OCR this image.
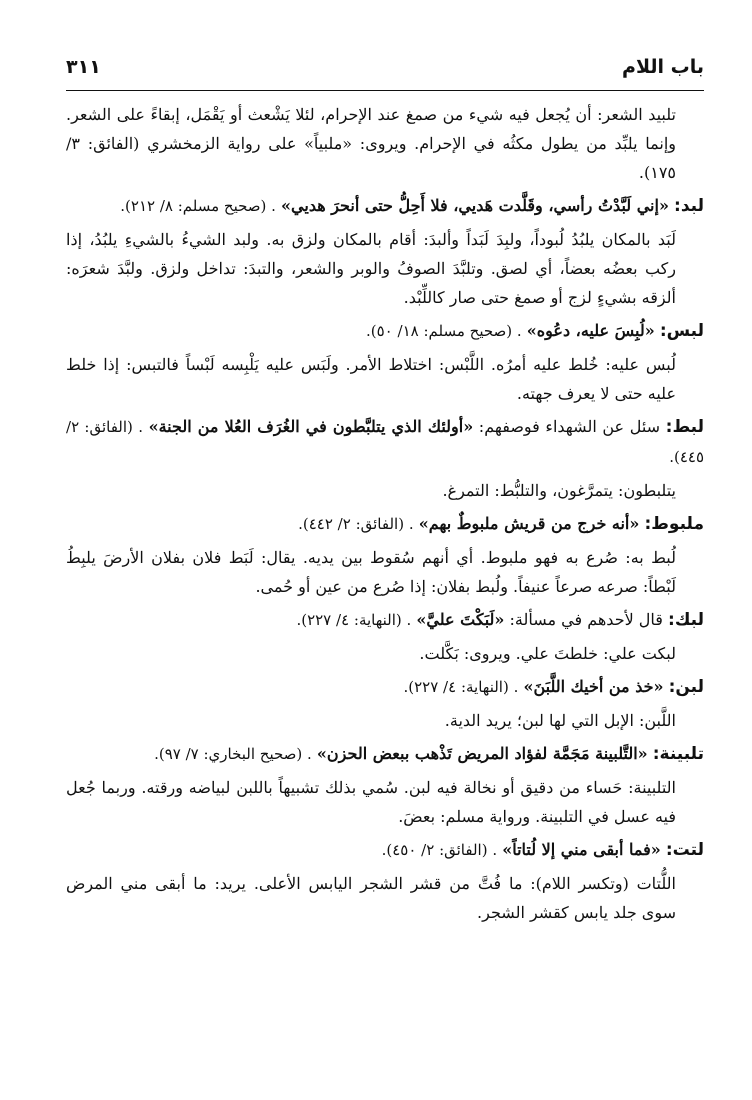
باب اللام
٣١١

تلبيد الشعر: أن يُجعل فيه شيء من صمغ عند الإحرام، لئلا يَشْعث أو يَقْمَل، إبقاءً على الشعر. وإنما يلبِّد من يطول مكثُه في الإحرام. ويروى: «ملبياً» على رواية الزمخشري (الفائق: ٣/ ١٧٥).

لبد: «إني لَبَّدْتُ رأسي، وقَلَّدت هَديي، فلا أَحِلُّ حتى أنحرَ هديي» . (صحيح مسلم: ٨/ ٢١٢).

لَبَد بالمكان يلبُدُ لُبوداً، ولبِدَ لَبَداً وألبدَ: أقام بالمكان ولزق به. ولبد الشيءُ بالشيءِ يلبُدُ، إذا ركب بعضُه بعضاً، أي لصق. وتلبَّدَ الصوفُ والوبر والشعر، والتبدَ: تداخل ولزق. ولبَّدَ شعرَه: ألزقه بشيءٍ لزج أو صمغ حتى صار كاللِّبْد.

لبس: «لُبِسَ عليه، دعُوه» . (صحيح مسلم: ١٨/ ٥٠).

لُبس عليه: خُلط عليه أمرُه. اللَّبْس: اختلاط الأمر. ولَبَس عليه يَلْبِسه لَبْساً فالتبس: إذا خلط عليه حتى لا يعرف جهته.

لبط: سئل عن الشهداء فوصفهم: «أولئك الذي يتلبَّطون في الغُرَف العُلا من الجنة» . (الفائق: ٢/ ٤٤٥).

يتلبطون: يتمرَّغون، والتلبُّط: التمرغ.

ملبوط: «أنه خرج من قريش ملبوطٌ بهم» . (الفائق: ٢/ ٤٤٢).

لُبط به: صُرع به فهو ملبوط. أي أنهم سُقوط بين يديه. يقال: لَبَط فلان بفلان الأرضَ يلبِطُ لَبْطاً: صرعه صرعاً عنيفاً. ولُبط بفلان: إذا صُرع من عين أو حُمى.

لبك: قال لأحدهم في مسألة: «لَبَكْتَ عليَّ» . (النهاية: ٤/ ٢٢٧).

لبكت علي: خلطتَ علي. ويروى: بَكَّلت.

لبن: «خذ من أخيك اللَّبَنَ» . (النهاية: ٤/ ٢٢٧).

اللَّبن: الإبل التي لها لبن؛ يريد الدية.

تلبينة: «التَّلبينة مَجَمَّة لفؤاد المريض تَذْهب ببعض الحزن» . (صحيح البخاري: ٧/ ٩٧).

التلبينة: حَساء من دقيق أو نخالة فيه لبن. سُمي بذلك تشبيهاً باللبن لبياضه ورقته. وربما جُعل فيه عسل في التلبينة. ورواية مسلم: بعضَ.

لتت: «فما أبقى مني إلا لُتاتاً» . (الفائق: ٢/ ٤٥٠).

اللُّتات (وتكسر اللام): ما فُتَّ من قشر الشجر اليابس الأعلى. يريد: ما أبقى مني المرض سوى جلد يابس كقشر الشجر.
